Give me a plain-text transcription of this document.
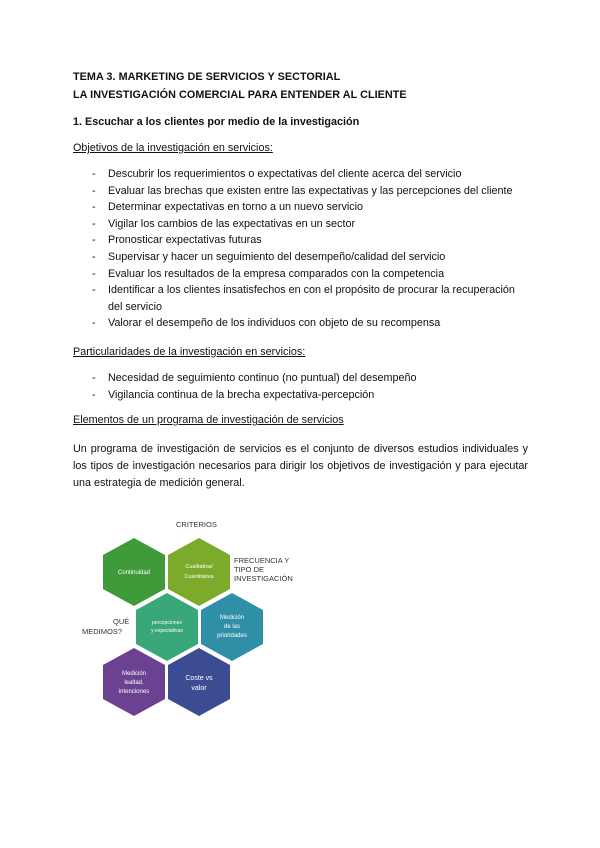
TEMA 3. MARKETING DE SERVICIOS Y SECTORIAL
LA INVESTIGACIÓN COMERCIAL PARA ENTENDER AL CLIENTE
1. Escuchar a los clientes por medio de la investigación
Objetivos de la investigación en servicios:
- Descubrir los requerimientos o expectativas del cliente acerca del servicio
- Evaluar las brechas que existen entre las expectativas y las percepciones del cliente
- Determinar expectativas en torno a un nuevo servicio
- Vigilar los cambios de las expectativas en un sector
- Pronosticar expectativas futuras
- Supervisar y hacer un seguimiento del desempeño/calidad del servicio
- Evaluar los resultados de la empresa comparados con la competencia
- Identificar a los clientes insatisfechos en con el propósito de procurar la recuperación del servicio
- Valorar el desempeño de los individuos con objeto de su recompensa
Particularidades de la investigación en servicios:
- Necesidad de seguimiento continuo (no puntual) del desempeño
- Vigilancia continua de la brecha expectativa-percepción
Elementos de un programa de investigación de servicios
Un programa de investigación de servicios es el conjunto de diversos estudios individuales y los tipos de investigación necesarios para dirigir los objetivos de investigación y para ejecutar una estrategia de medición general.
CRITERIOS
FRECUENCIA Y
TIPO DE
INVESTIGACIÓN
QUÉ
MEDIMOS?
Continuidad
Cualitativa/
Cuantitativa
percepciones
y expectativas
Medición
de las
prioridades
Medición
lealtad,
intenciones
Coste vs
valor
